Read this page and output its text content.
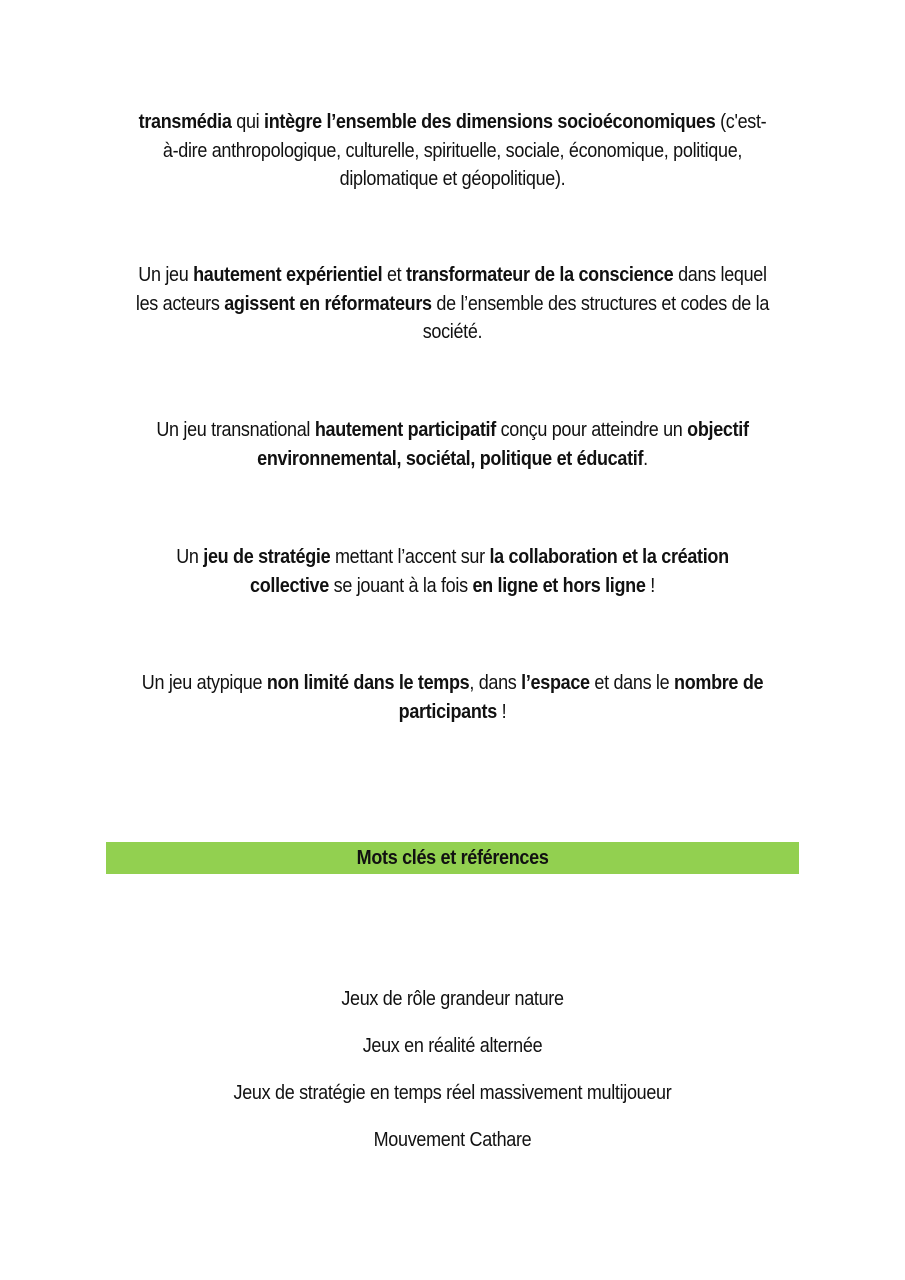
transmédia qui intègre l’ensemble des dimensions socioéconomiques (c'est-à-dire anthropologique, culturelle, spirituelle, sociale, économique, politique, diplomatique et géopolitique).

Un jeu hautement expérientiel et transformateur de la conscience dans lequel les acteurs agissent en réformateurs de l’ensemble des structures et codes de la société.

Un jeu transnational hautement participatif conçu pour atteindre un objectif environnemental, sociétal, politique et éducatif.

Un jeu de stratégie mettant l’accent sur la collaboration et la création collective se jouant à la fois en ligne et hors ligne !

Un jeu atypique non limité dans le temps, dans l’espace et dans le nombre de participants !

Mots clés et références
Jeux de rôle grandeur nature
Jeux en réalité alternée
Jeux de stratégie en temps réel massivement multijoueur
Mouvement Cathare
